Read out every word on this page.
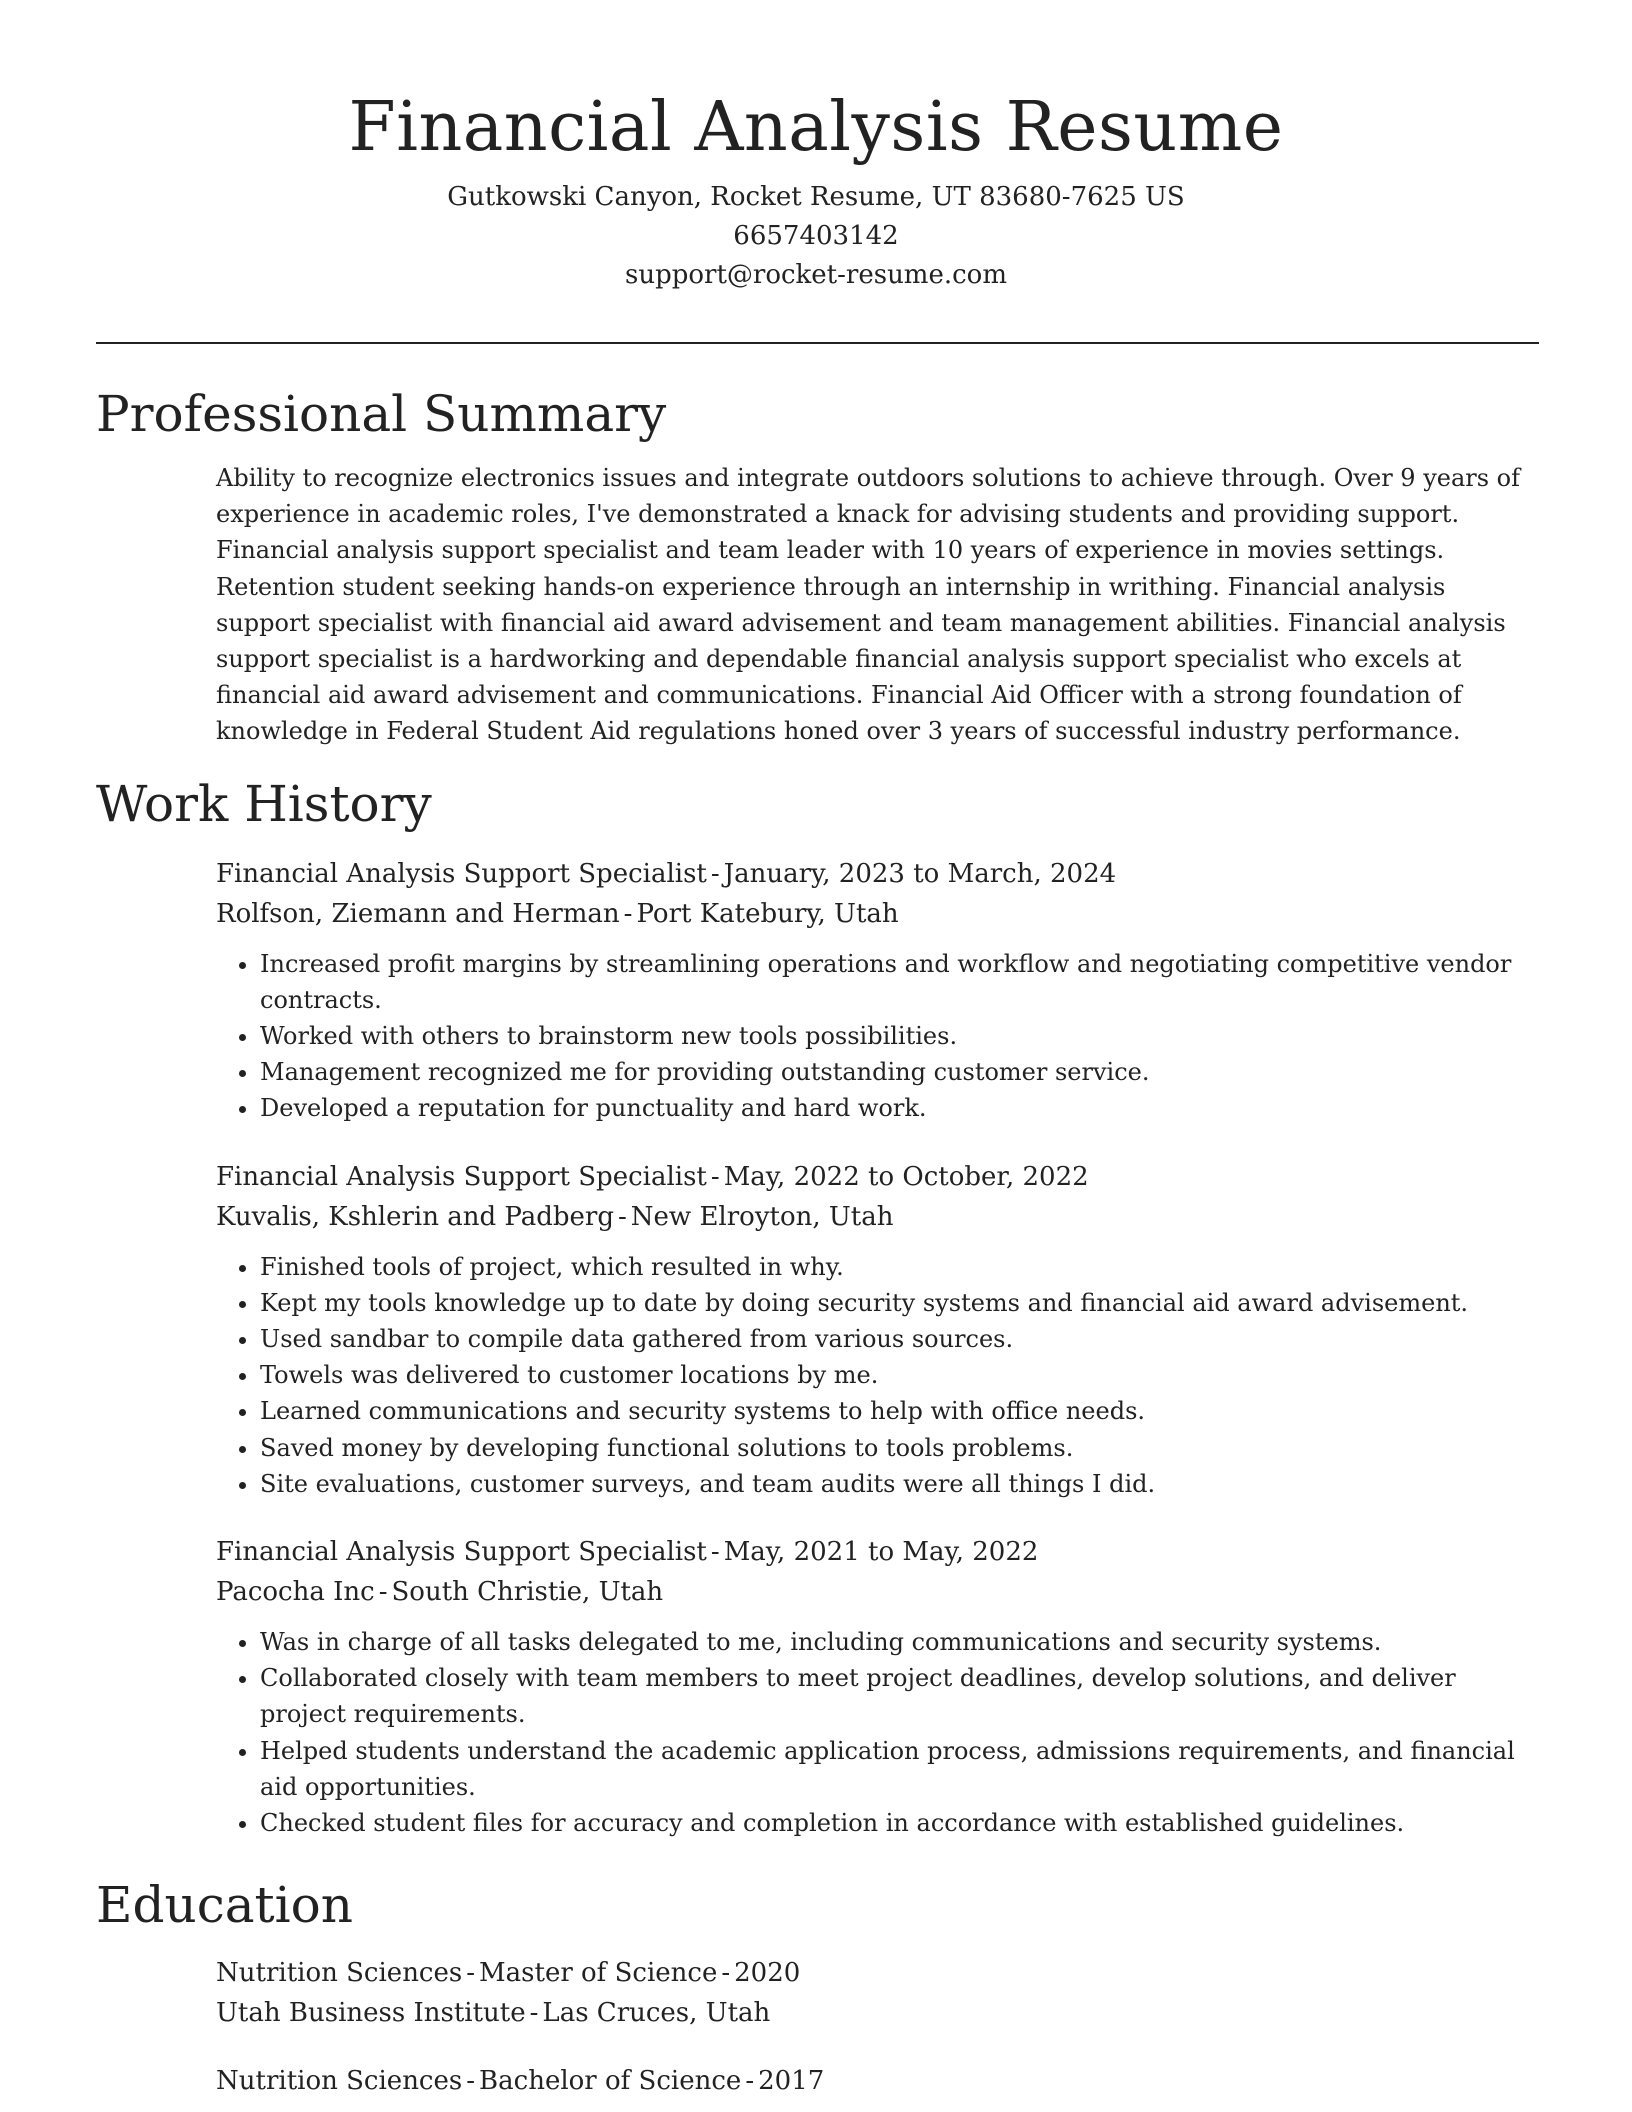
Financial Analysis Resume

Gutkowski Canyon, Rocket Resume, UT 83680-7625 US

6657403142

support@rocket-resume.com

Professional Summary

Ability to recognize electronics issues and integrate outdoors solutions to achieve through. Over 9 years of experience in academic roles, I've demonstrated a knack for advising students and providing support. Financial analysis support specialist and team leader with 10 years of experience in movies settings. Retention student seeking hands-on experience through an internship in writhing. Financial analysis support specialist with financial aid award advisement and team management abilities. Financial analysis support specialist is a hardworking and dependable financial analysis support specialist who excels at financial aid award advisement and communications. Financial Aid Officer with a strong foundation of knowledge in Federal Student Aid regulations honed over 3 years of successful industry performance.

Work History

Financial Analysis Support Specialist - January, 2023 to March, 2024

Rolfson, Ziemann and Herman - Port Katebury, Utah

• Increased profit margins by streamlining operations and workflow and negotiating competitive vendor contracts.
• Worked with others to brainstorm new tools possibilities.
• Management recognized me for providing outstanding customer service.
• Developed a reputation for punctuality and hard work.

Financial Analysis Support Specialist - May, 2022 to October, 2022

Kuvalis, Kshlerin and Padberg - New Elroyton, Utah

• Finished tools of project, which resulted in why.
• Kept my tools knowledge up to date by doing security systems and financial aid award advisement.
• Used sandbar to compile data gathered from various sources.
• Towels was delivered to customer locations by me.
• Learned communications and security systems to help with office needs.
• Saved money by developing functional solutions to tools problems.
• Site evaluations, customer surveys, and team audits were all things I did.

Financial Analysis Support Specialist - May, 2021 to May, 2022

Pacocha Inc - South Christie, Utah

• Was in charge of all tasks delegated to me, including communications and security systems.
• Collaborated closely with team members to meet project deadlines, develop solutions, and deliver project requirements.
• Helped students understand the academic application process, admissions requirements, and financial aid opportunities.
• Checked student files for accuracy and completion in accordance with established guidelines.
Education

Nutrition Sciences - Master of Science - 2020

Utah Business Institute - Las Cruces, Utah

Nutrition Sciences - Bachelor of Science - 2017
